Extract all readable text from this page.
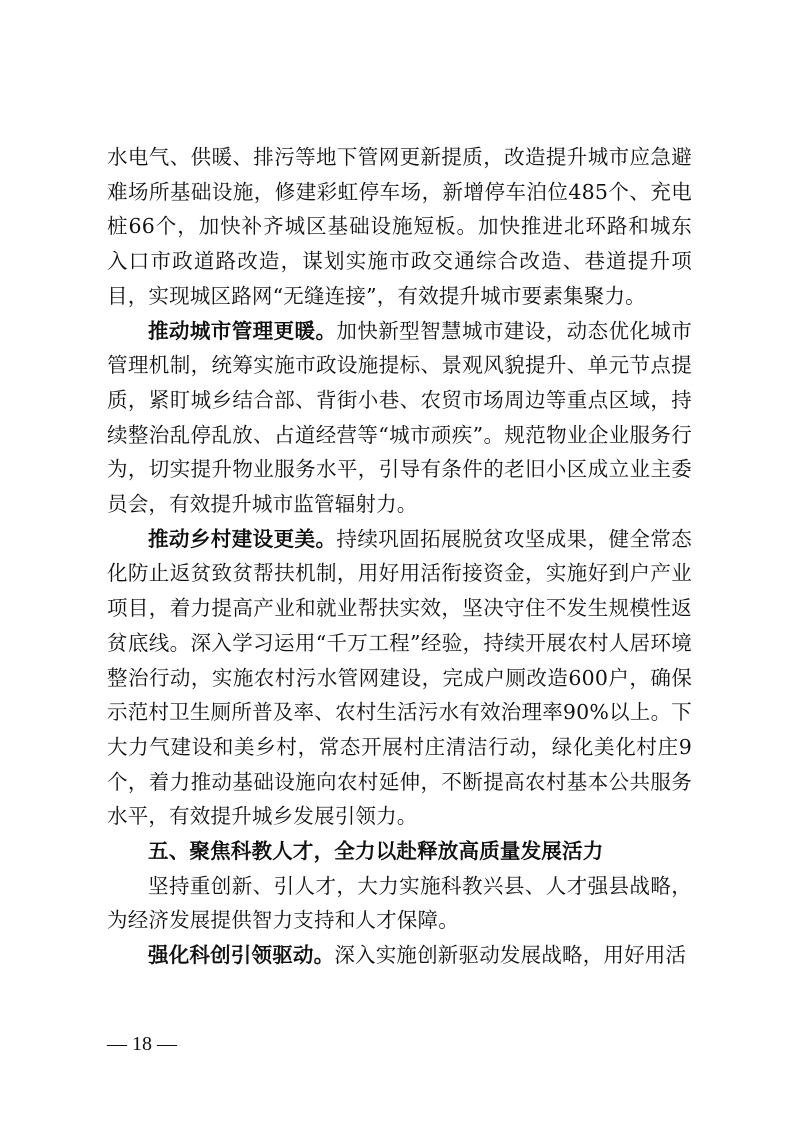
水电气、供暖、排污等地下管网更新提质，改造提升城市应急避难场所基础设施，修建彩虹停车场，新增停车泊位485个、充电桩66个，加快补齐城区基础设施短板。加快推进北环路和城东入口市政道路改造，谋划实施市政交通综合改造、巷道提升项目，实现城区路网“无缝连接”，有效提升城市要素集聚力。

推动城市管理更暖。加快新型智慧城市建设，动态优化城市管理机制，统筹实施市政设施提标、景观风貌提升、单元节点提质，紧盯城乡结合部、背街小巷、农贸市场周边等重点区域，持续整治乱停乱放、占道经营等“城市顽疾”。规范物业企业服务行为，切实提升物业服务水平，引导有条件的老旧小区成立业主委员会，有效提升城市监管辐射力。

推动乡村建设更美。持续巩固拓展脱贫攻坚成果，健全常态化防止返贫致贫帮扶机制，用好用活衔接资金，实施好到户产业项目，着力提高产业和就业帮扶实效，坚决守住不发生规模性返贫底线。深入学习运用“千万工程”经验，持续开展农村人居环境整治行动，实施农村污水管网建设，完成户厕改造600户，确保示范村卫生厕所普及率、农村生活污水有效治理率90%以上。下大力气建设和美乡村，常态开展村庄清洁行动，绿化美化村庄9个，着力推动基础设施向农村延伸，不断提高农村基本公共服务水平，有效提升城乡发展引领力。

五、聚焦科教人才，全力以赴释放高质量发展活力

坚持重创新、引人才，大力实施科教兴县、人才强县战略，为经济发展提供智力支持和人才保障。

强化科创引领驱动。深入实施创新驱动发展战略，用好用活

— 18 —
